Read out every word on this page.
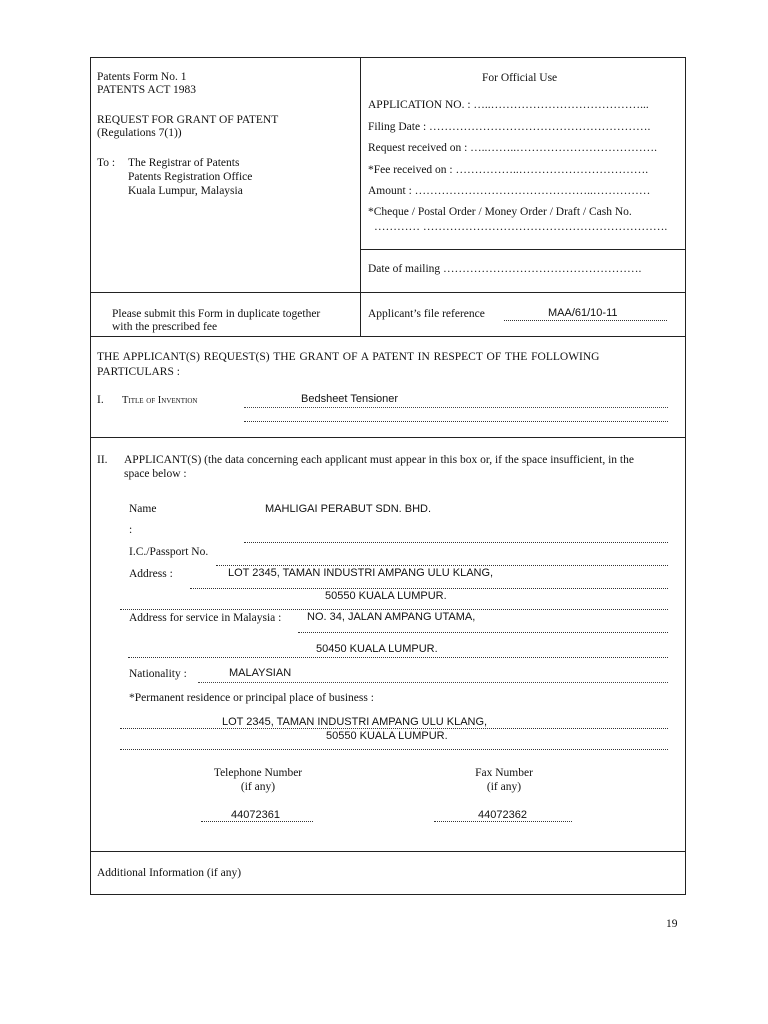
Patents Form No. 1
PATENTS ACT 1983
REQUEST FOR GRANT OF PATENT
(Regulations 7(1))
To : The Registrar of Patents
Patents Registration Office
Kuala Lumpur, Malaysia
For Official Use
APPLICATION NO. : …..…………………………………...
Filing Date : ………………………………………………….
Request received on : …..……..……………………………….
*Fee received on : ……………..…………………………….
Amount : ………………………………………..……………
*Cheque / Postal Order / Money Order / Draft / Cash No.
………… ……………………………………………………….
Date of mailing …………………………………………….
Please submit this Form in duplicate together
with the prescribed fee
Applicant’s file reference	MAA/61/10-11
THE APPLICANT(S) REQUEST(S) THE GRANT OF A PATENT IN RESPECT OF THE FOLLOWING
PARTICULARS :
I. Title of Invention	Bedsheet Tensioner
II. APPLICANT(S) (the data concerning each applicant must appear in this box or, if the space insufficient, in the
space below :
Name	MAHLIGAI PERABUT SDN. BHD.
:
I.C./Passport No.
Address :	LOT 2345, TAMAN INDUSTRI AMPANG ULU KLANG,
50550 KUALA LUMPUR.
Address for service in Malaysia : NO. 34, JALAN AMPANG UTAMA,
50450 KUALA LUMPUR.
Nationality :	MALAYSIAN
*Permanent residence or principal place of business :
LOT 2345, TAMAN INDUSTRI AMPANG ULU KLANG,
50550 KUALA LUMPUR.
Telephone Number
(if any)
44072361
Fax Number
(if any)
44072362
Additional Information (if any)
19
